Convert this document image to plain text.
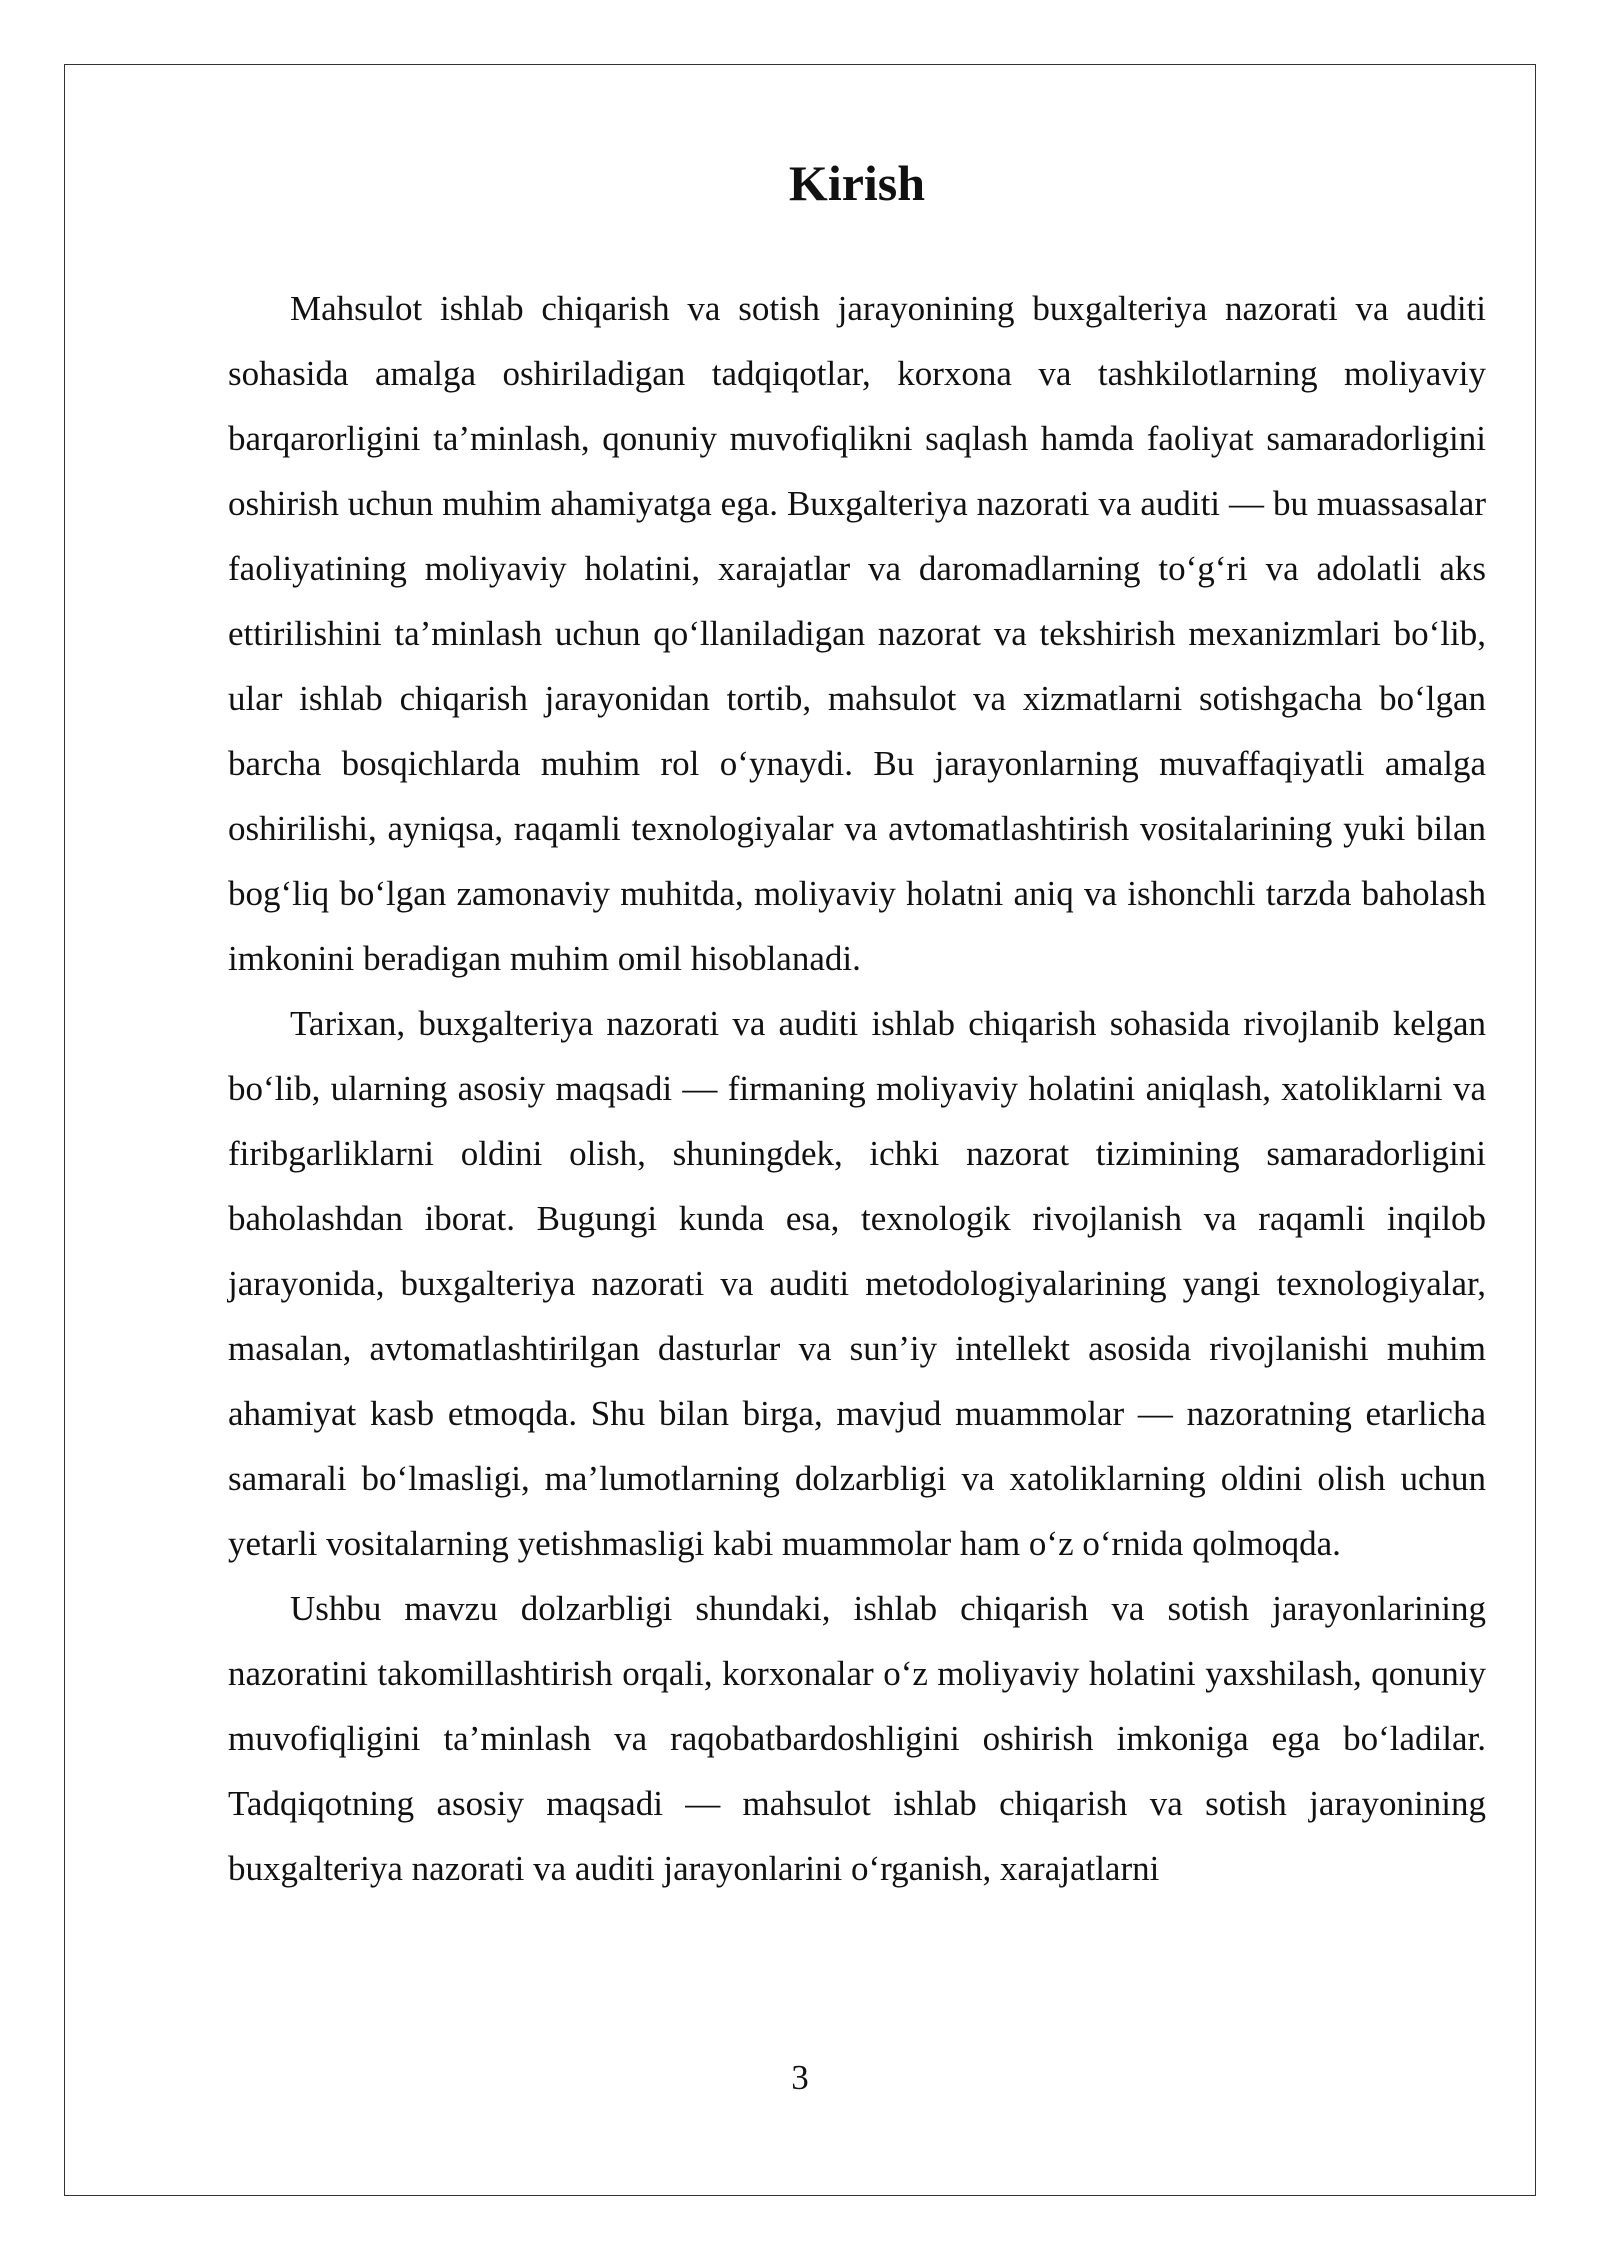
Kirish

Mahsulot ishlab chiqarish va sotish jarayonining buxgalteriya nazorati va auditi sohasida amalga oshiriladigan tadqiqotlar, korxona va tashkilotlarning moliyaviy barqarorligini ta’minlash, qonuniy muvofiqlikni saqlash hamda faoliyat samaradorligini oshirish uchun muhim ahamiyatga ega. Buxgalteriya nazorati va auditi — bu muassasalar faoliyatining moliyaviy holatini, xarajatlar va daromadlarning to‘g‘ri va adolatli aks ettirilishini ta’minlash uchun qo‘llaniladigan nazorat va tekshirish mexanizmlari bo‘lib, ular ishlab chiqarish jarayonidan tortib, mahsulot va xizmatlarni sotishgacha bo‘lgan barcha bosqichlarda muhim rol o‘ynaydi. Bu jarayonlarning muvaffaqiyatli amalga oshirilishi, ayniqsa, raqamli texnologiyalar va avtomatlashtirish vositalarining yuki bilan bog‘liq bo‘lgan zamonaviy muhitda, moliyaviy holatni aniq va ishonchli tarzda baholash imkonini beradigan muhim omil hisoblanadi.

Tarixan, buxgalteriya nazorati va auditi ishlab chiqarish sohasida rivojlanib kelgan bo‘lib, ularning asosiy maqsadi — firmaning moliyaviy holatini aniqlash, xatoliklarni va firibgarliklarni oldini olish, shuningdek, ichki nazorat tizimining samaradorligini baholashdan iborat. Bugungi kunda esa, texnologik rivojlanish va raqamli inqilob jarayonida, buxgalteriya nazorati va auditi metodologiyalarining yangi texnologiyalar, masalan, avtomatlashtirilgan dasturlar va sun’iy intellekt asosida rivojlanishi muhim ahamiyat kasb etmoqda. Shu bilan birga, mavjud muammolar — nazoratning etarlicha samarali bo‘lmasligi, ma’lumotlarning dolzarbligi va xatoliklarning oldini olish uchun yetarli vositalarning yetishmasligi kabi muammolar ham o‘z o‘rnida qolmoqda.

Ushbu mavzu dolzarbligi shundaki, ishlab chiqarish va sotish jarayonlarining nazoratini takomillashtirish orqali, korxonalar o‘z moliyaviy holatini yaxshilash, qonuniy muvofiqligini ta’minlash va raqobatbardoshligini oshirish imkoniga ega bo‘ladilar. Tadqiqotning asosiy maqsadi — mahsulot ishlab chiqarish va sotish jarayonining buxgalteriya nazorati va auditi jarayonlarini o‘rganish, xarajatlarni

3
